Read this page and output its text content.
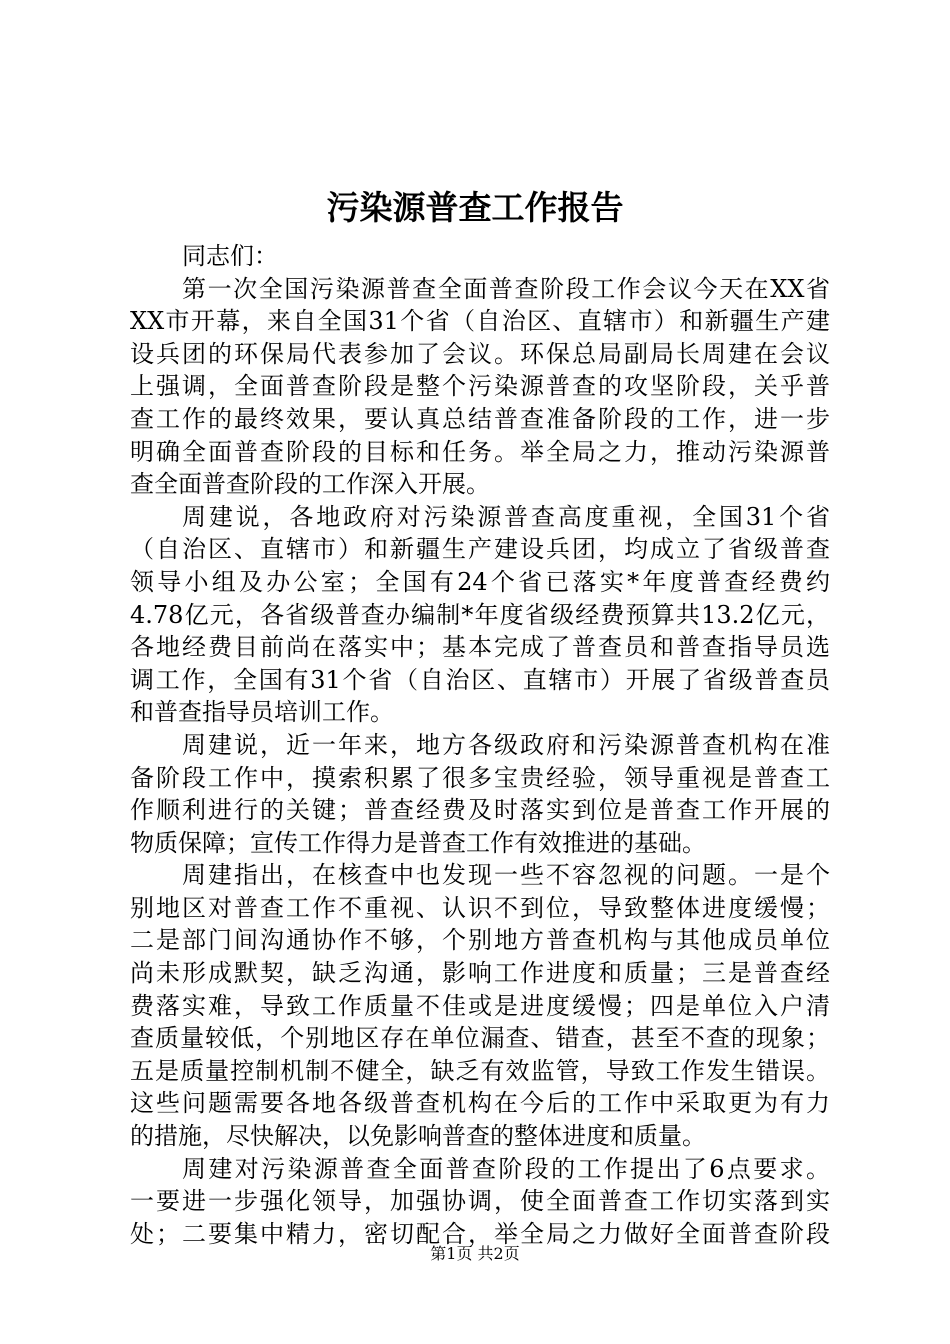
污染源普查工作报告
同志们：
第一次全国污染源普查全面普查阶段工作会议今天在XX省
XX市开幕，来自全国31个省（自治区、直辖市）和新疆生产建
设兵团的环保局代表参加了会议。环保总局副局长周建在会议
上强调，全面普查阶段是整个污染源普查的攻坚阶段，关乎普
查工作的最终效果，要认真总结普查准备阶段的工作，进一步
明确全面普查阶段的目标和任务。举全局之力，推动污染源普
查全面普查阶段的工作深入开展。
周建说，各地政府对污染源普查高度重视，全国31个省
（自治区、直辖市）和新疆生产建设兵团，均成立了省级普查
领导小组及办公室；全国有24个省已落实*年度普查经费约
4.78亿元，各省级普查办编制*年度省级经费预算共13.2亿元，
各地经费目前尚在落实中；基本完成了普查员和普查指导员选
调工作，全国有31个省（自治区、直辖市）开展了省级普查员
和普查指导员培训工作。
周建说，近一年来，地方各级政府和污染源普查机构在准
备阶段工作中，摸索积累了很多宝贵经验，领导重视是普查工
作顺利进行的关键；普查经费及时落实到位是普查工作开展的
物质保障；宣传工作得力是普查工作有效推进的基础。
周建指出，在核查中也发现一些不容忽视的问题。一是个
别地区对普查工作不重视、认识不到位，导致整体进度缓慢；
二是部门间沟通协作不够，个别地方普查机构与其他成员单位
尚未形成默契，缺乏沟通，影响工作进度和质量；三是普查经
费落实难，导致工作质量不佳或是进度缓慢；四是单位入户清
查质量较低，个别地区存在单位漏查、错查，甚至不查的现象；
五是质量控制机制不健全，缺乏有效监管，导致工作发生错误。
这些问题需要各地各级普查机构在今后的工作中采取更为有力
的措施，尽快解决，以免影响普查的整体进度和质量。
周建对污染源普查全面普查阶段的工作提出了6点要求。
一要进一步强化领导，加强协调，使全面普查工作切实落到实
处；二要集中精力，密切配合，举全局之力做好全面普查阶段
第1页 共2页
